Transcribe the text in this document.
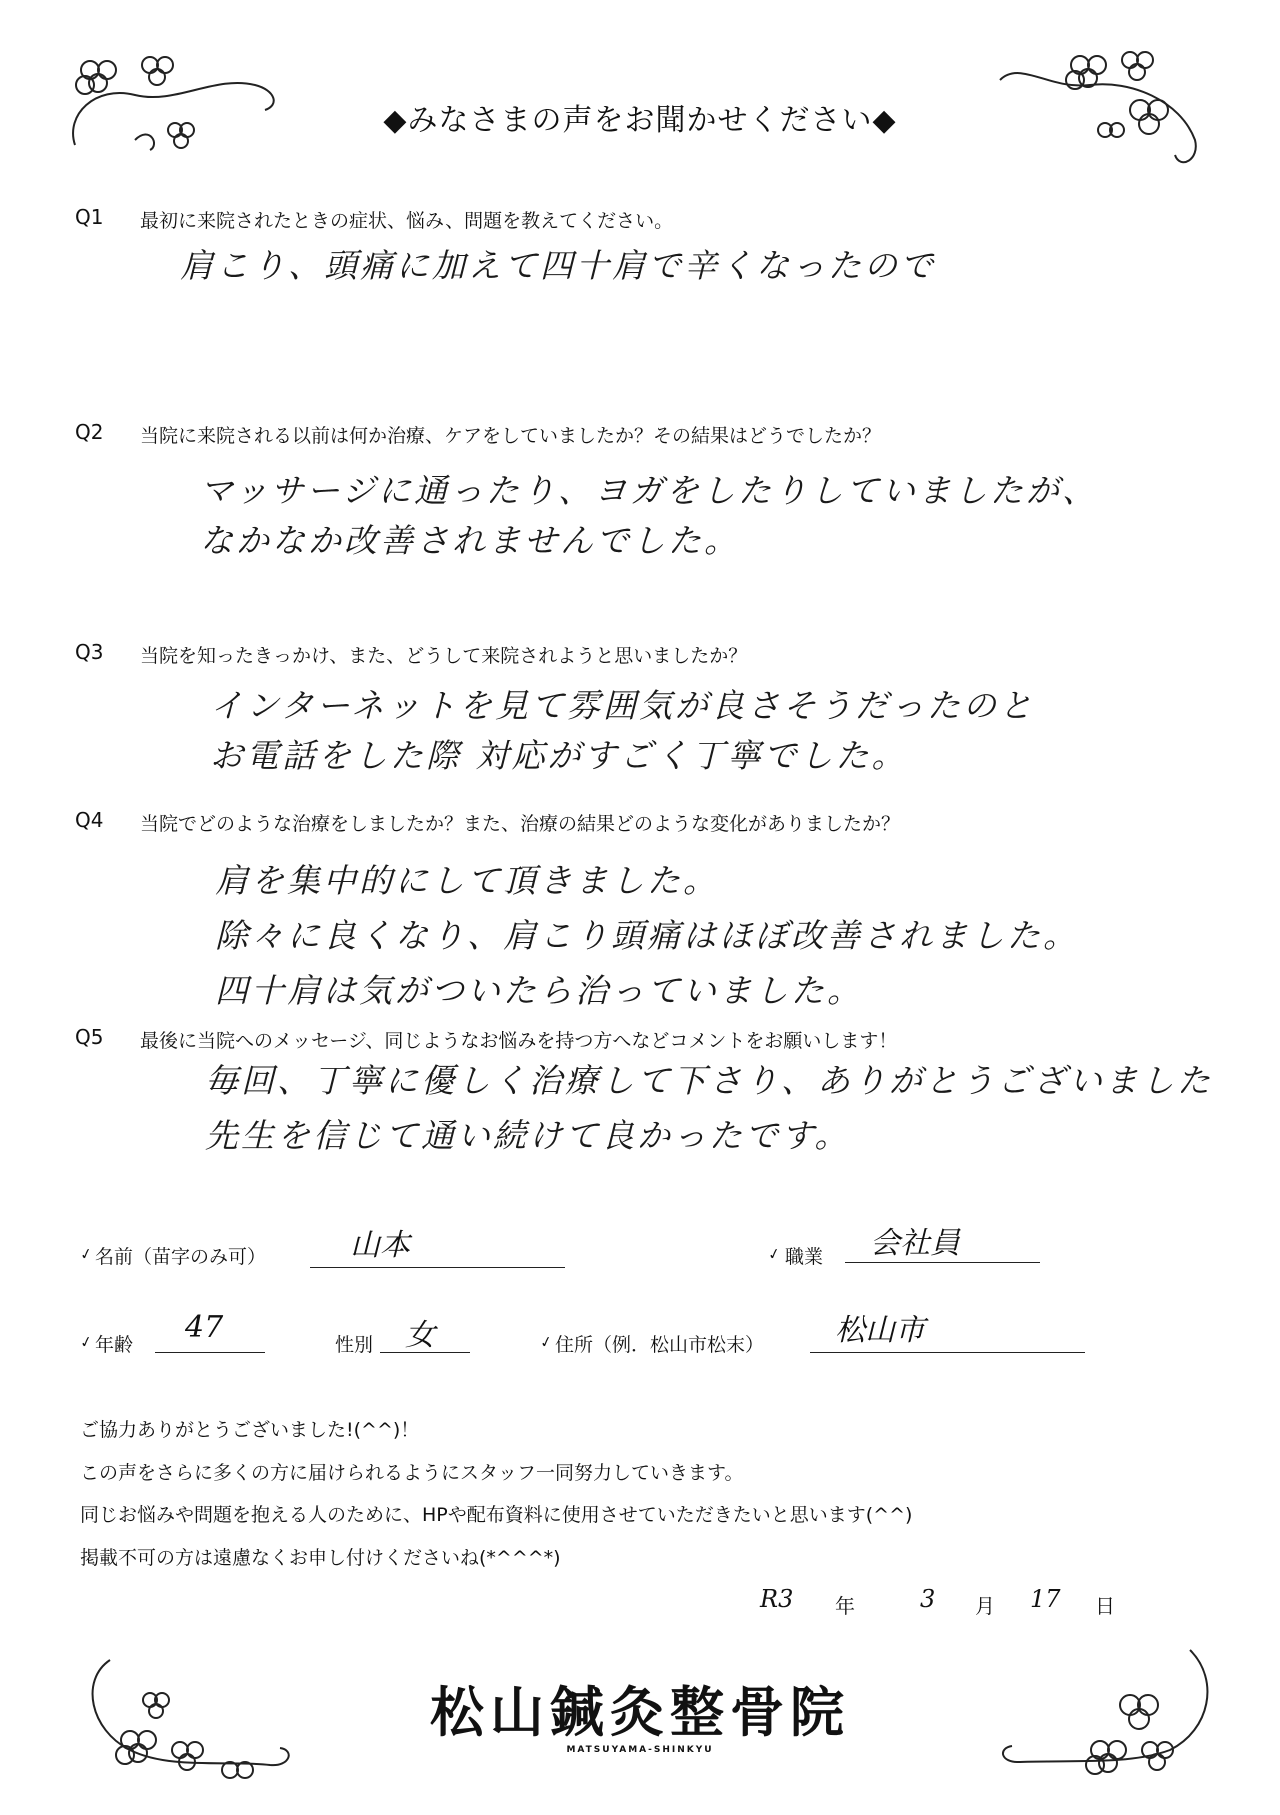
◆みなさまの声をお聞かせください◆
Q1 最初に来院されたときの症状、悩み、問題を教えてください。
肩こり、頭痛に加えて四十肩で辛くなったので
Q2 当院に来院される以前は何か治療、ケアをしていましたか？その結果はどうでしたか？
マッサージに通ったり、ヨガをしたりしていましたが、
なかなか改善されませんでした。
Q3 当院を知ったきっかけ、また、どうして来院されようと思いましたか？
インターネットを見て雰囲気が良さそうだったのと
お電話をした際 対応がすごく丁寧でした。
Q4 当院でどのような治療をしましたか？また、治療の結果どのような変化がありましたか？
肩を集中的にして頂きました。
除々に良くなり、肩こり頭痛はほぼ改善されました。
四十肩は気がついたら治っていました。
Q5 最後に当院へのメッセージ、同じようなお悩みを持つ方へなどコメントをお願いします！
毎回、丁寧に優しく治療して下さり、ありがとうございました
先生を信じて通い続けて良かったです。
✓ 名前（苗字のみ可）	山本	✓ 職業 会社員
✓ 年齢 47	性別 女	✓ 住所（例．松山市松末） 松山市
ご協力ありがとうございました!(^^)！
この声をさらに多くの方に届けられるようにスタッフ一同努力していきます。
同じお悩みや問題を抱える人のために、HPや配布資料に使用させていただきたいと思います(^^)
掲載不可の方は遠慮なくお申し付けくださいね(*^^^*)
R3 年	3 月 17 日
松山鍼灸整骨院
MATSUYAMA-SHINKYU
